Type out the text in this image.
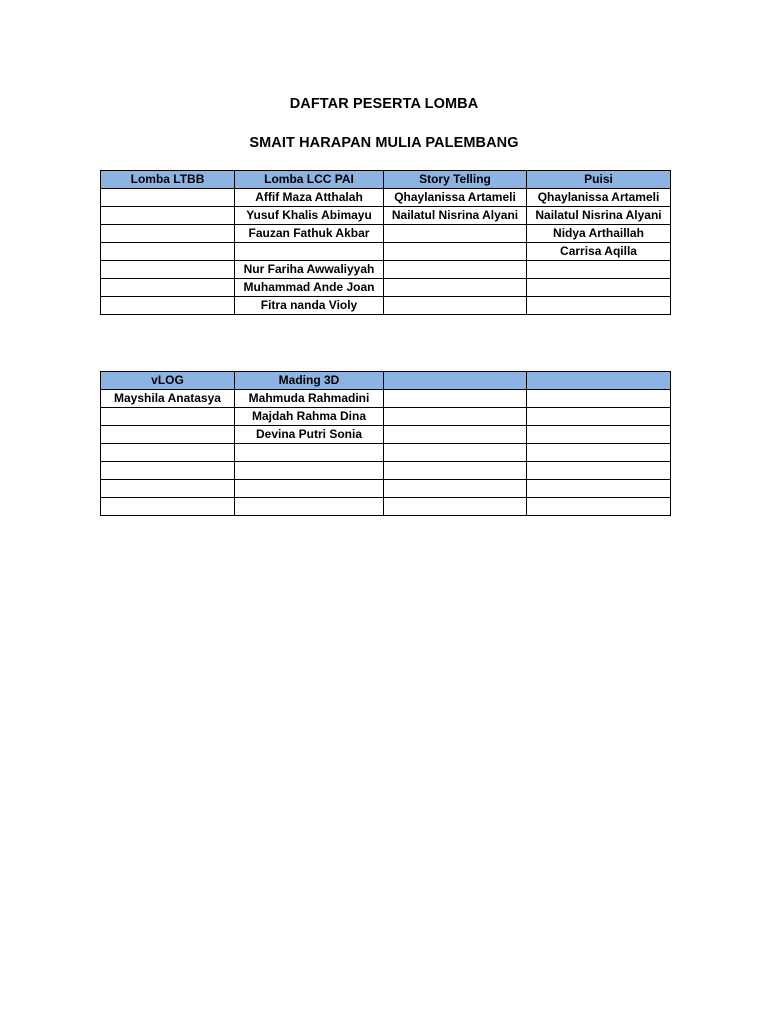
DAFTAR PESERTA LOMBA
SMAIT HARAPAN MULIA PALEMBANG
Lomba LTBB	Lomba LCC PAI	Story Telling	Puisi
	Affif Maza Atthalah	Qhaylanissa Artameli	Qhaylanissa Artameli
	Yusuf Khalis Abimayu	Nailatul Nisrina Alyani	Nailatul Nisrina Alyani
	Fauzan Fathuk Akbar		Nidya Arthaillah
			Carrisa Aqilla
	Nur Fariha Awwaliyyah		
	Muhammad Ande Joan		
	Fitra nanda Violy		
vLOG	Mading 3D		
Mayshila Anatasya	Mahmuda Rahmadini		
	Majdah Rahma Dina		
	Devina Putri Sonia		
